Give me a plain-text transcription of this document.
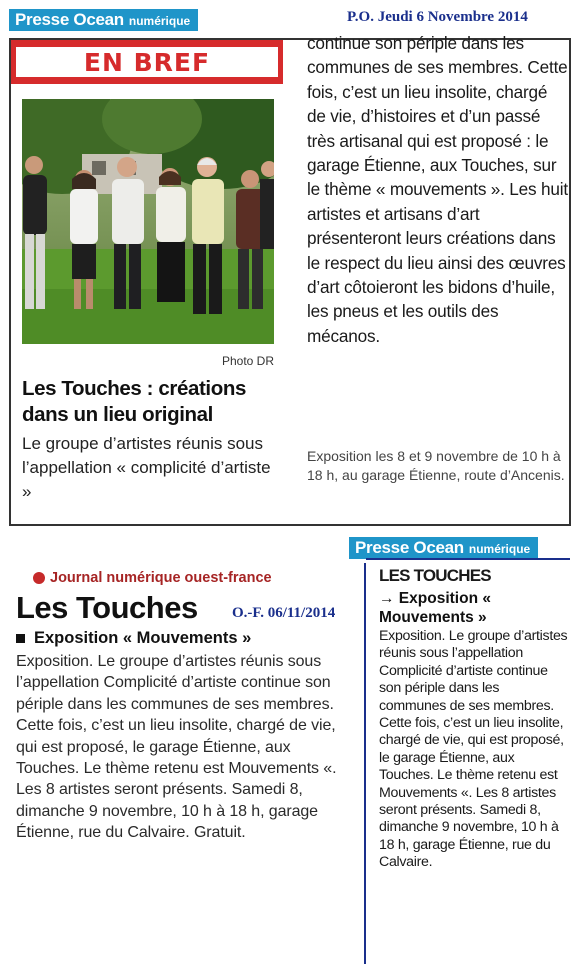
Presse Ocean numérique	P.O. Jeudi 6 Novembre 2014
EN BREF
Photo DR
Les Touches : créations dans un lieu original
Le groupe d’artistes réunis sous l’appellation « complicité d’artiste »
continue son périple dans les communes de ses membres. Cette fois, c’est un lieu insolite, chargé de vie, d’histoires et d’un passé très artisanal qui est proposé : le garage Étienne, aux Touches, sur le thème « mouvements ». Les huit artistes et artisans d’art présenteront leurs créations dans le respect du lieu ainsi des œuvres d’art côtoieront les bidons d’huile, les pneus et les outils des mécanos.
Exposition les 8 et 9 novembre de 10 h à 18 h, au garage Étienne, route d’Ancenis.
Journal numérique ouest-france
Les Touches O.-F. 06/11/2014
Exposition « Mouvements »
Exposition. Le groupe d’artistes réunis sous l’appellation Complicité d’artiste continue son périple dans les communes de ses membres. Cette fois, c’est un lieu insolite, chargé de vie, qui est proposé, le garage Étienne, aux Touches. Le thème retenu est Mouvements «. Les 8 artistes seront présents. Samedi 8, dimanche 9 novembre, 10 h à 18 h, garage Étienne, rue du Calvaire. Gratuit.
Presse Ocean numérique
LES TOUCHES
→ Exposition « Mouvements »
Exposition. Le groupe d’artistes réunis sous l’appellation Complicité d’artiste continue son périple dans les communes de ses membres. Cette fois, c’est un lieu insolite, chargé de vie, qui est proposé, le garage Étienne, aux Touches. Le thème retenu est Mouvements «. Les 8 artistes seront présents. Samedi 8, dimanche 9 novembre, 10 h à 18 h, garage Étienne, rue du Calvaire.
